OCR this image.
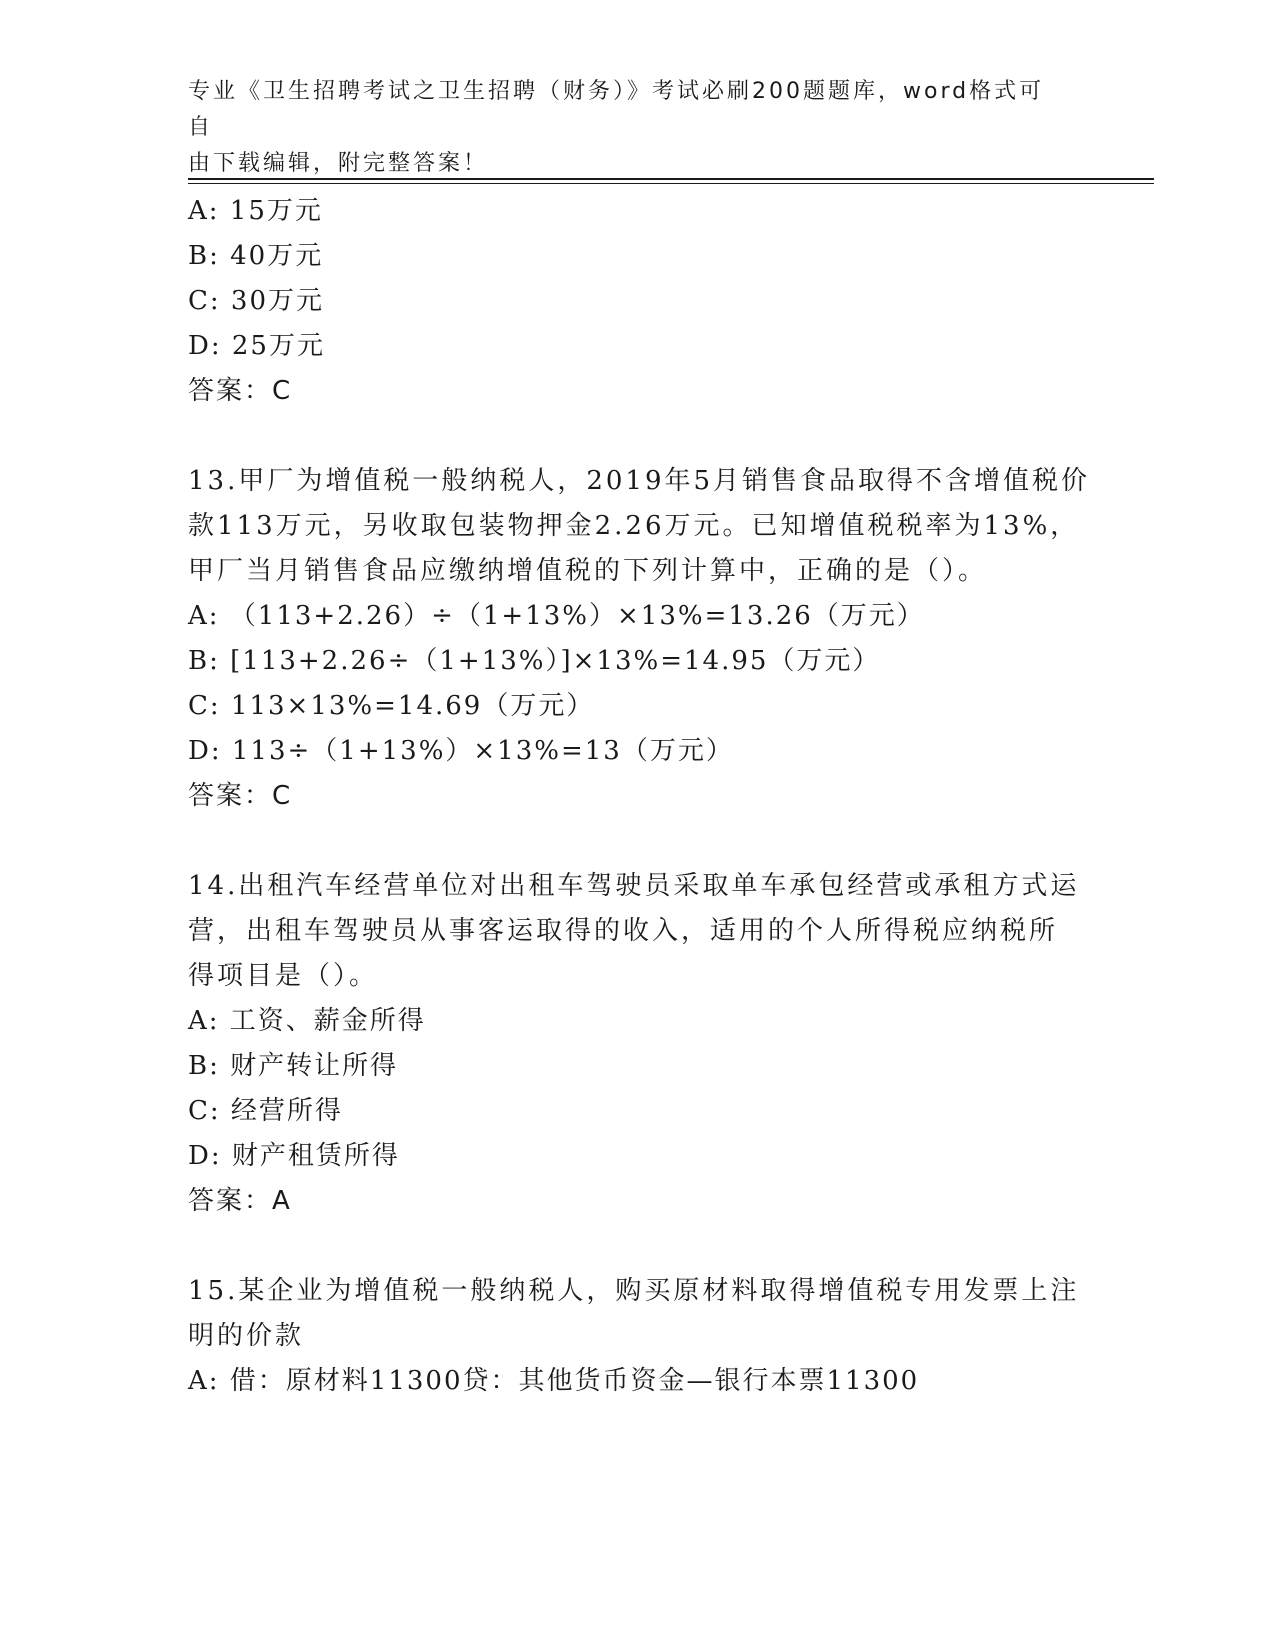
专业《卫生招聘考试之卫生招聘（财务）》考试必刷200题题库，word格式可自
由下载编辑，附完整答案！
A: 15万元
B: 40万元
C: 30万元
D: 25万元
答案：C
13.甲厂为增值税一般纳税人，2019年5月销售食品取得不含增值税价
款113万元，另收取包装物押金2.26万元。已知增值税税率为13%，
甲厂当月销售食品应缴纳增值税的下列计算中，正确的是（）。
A: （113+2.26）÷（1+13%）×13%=13.26（万元）
B: [113+2.26÷（1+13%）]×13%=14.95（万元）
C: 113×13%=14.69（万元）
D: 113÷（1+13%）×13%=13（万元）
答案：C
14.出租汽车经营单位对出租车驾驶员采取单车承包经营或承租方式运
营，出租车驾驶员从事客运取得的收入，适用的个人所得税应纳税所
得项目是（）。
A: 工资、薪金所得
B: 财产转让所得
C: 经营所得
D: 财产租赁所得
答案：A
15.某企业为增值税一般纳税人，购买原材料取得增值税专用发票上注
明的价款
A: 借：原材料11300贷：其他货币资金—银行本票11300
